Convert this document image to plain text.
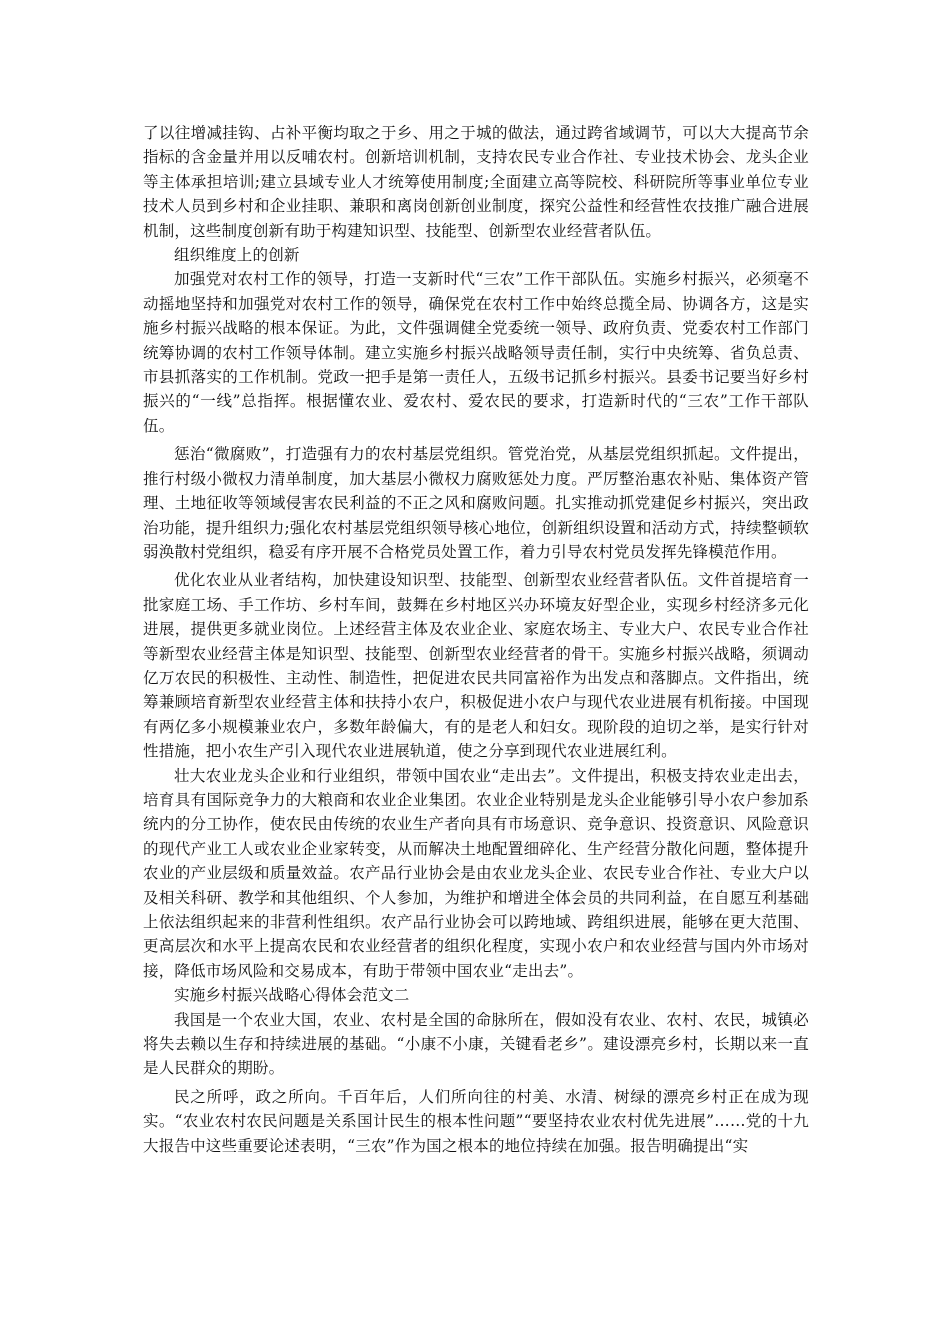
了以往增减挂钩、占补平衡均取之于乡、用之于城的做法，通过跨省域调节，可以大大提高节余指标的含金量并用以反哺农村。创新培训机制，支持农民专业合作社、专业技术协会、龙头企业等主体承担培训;建立县域专业人才统筹使用制度;全面建立高等院校、科研院所等事业单位专业技术人员到乡村和企业挂职、兼职和离岗创新创业制度，探究公益性和经营性农技推广融合进展机制，这些制度创新有助于构建知识型、技能型、创新型农业经营者队伍。

组织维度上的创新

加强党对农村工作的领导，打造一支新时代“三农”工作干部队伍。实施乡村振兴，必须毫不动摇地坚持和加强党对农村工作的领导，确保党在农村工作中始终总揽全局、协调各方，这是实施乡村振兴战略的根本保证。为此，文件强调健全党委统一领导、政府负责、党委农村工作部门统筹协调的农村工作领导体制。建立实施乡村振兴战略领导责任制，实行中央统筹、省负总责、市县抓落实的工作机制。党政一把手是第一责任人，五级书记抓乡村振兴。县委书记要当好乡村振兴的“一线”总指挥。根据懂农业、爱农村、爱农民的要求，打造新时代的“三农”工作干部队伍。

惩治“微腐败”，打造强有力的农村基层党组织。管党治党，从基层党组织抓起。文件提出，推行村级小微权力清单制度，加大基层小微权力腐败惩处力度。严厉整治惠农补贴、集体资产管理、土地征收等领域侵害农民利益的不正之风和腐败问题。扎实推动抓党建促乡村振兴，突出政治功能，提升组织力;强化农村基层党组织领导核心地位，创新组织设置和活动方式，持续整顿软弱涣散村党组织，稳妥有序开展不合格党员处置工作，着力引导农村党员发挥先锋模范作用。

优化农业从业者结构，加快建设知识型、技能型、创新型农业经营者队伍。文件首提培育一批家庭工场、手工作坊、乡村车间，鼓舞在乡村地区兴办环境友好型企业，实现乡村经济多元化进展，提供更多就业岗位。上述经营主体及农业企业、家庭农场主、专业大户、农民专业合作社等新型农业经营主体是知识型、技能型、创新型农业经营者的骨干。实施乡村振兴战略，须调动亿万农民的积极性、主动性、制造性，把促进农民共同富裕作为出发点和落脚点。文件指出，统筹兼顾培育新型农业经营主体和扶持小农户，积极促进小农户与现代农业进展有机衔接。中国现有两亿多小规模兼业农户，多数年龄偏大，有的是老人和妇女。现阶段的迫切之举，是实行针对性措施，把小农生产引入现代农业进展轨道，使之分享到现代农业进展红利。

壮大农业龙头企业和行业组织，带领中国农业“走出去”。文件提出，积极支持农业走出去，培育具有国际竞争力的大粮商和农业企业集团。农业企业特别是龙头企业能够引导小农户参加系统内的分工协作，使农民由传统的农业生产者向具有市场意识、竞争意识、投资意识、风险意识的现代产业工人或农业企业家转变，从而解决土地配置细碎化、生产经营分散化问题，整体提升农业的产业层级和质量效益。农产品行业协会是由农业龙头企业、农民专业合作社、专业大户以及相关科研、教学和其他组织、个人参加，为维护和增进全体会员的共同利益，在自愿互利基础上依法组织起来的非营利性组织。农产品行业协会可以跨地域、跨组织进展，能够在更大范围、更高层次和水平上提高农民和农业经营者的组织化程度，实现小农户和农业经营与国内外市场对接，降低市场风险和交易成本，有助于带领中国农业“走出去”。

实施乡村振兴战略心得体会范文二

我国是一个农业大国，农业、农村是全国的命脉所在，假如没有农业、农村、农民，城镇必将失去赖以生存和持续进展的基础。“小康不小康，关键看老乡”。建设漂亮乡村，长期以来一直是人民群众的期盼。

民之所呼，政之所向。千百年后，人们所向往的村美、水清、树绿的漂亮乡村正在成为现实。“农业农村农民问题是关系国计民生的根本性问题”“要坚持农业农村优先进展”……党的十九大报告中这些重要论述表明，“三农”作为国之根本的地位持续在加强。报告明确提出“实
